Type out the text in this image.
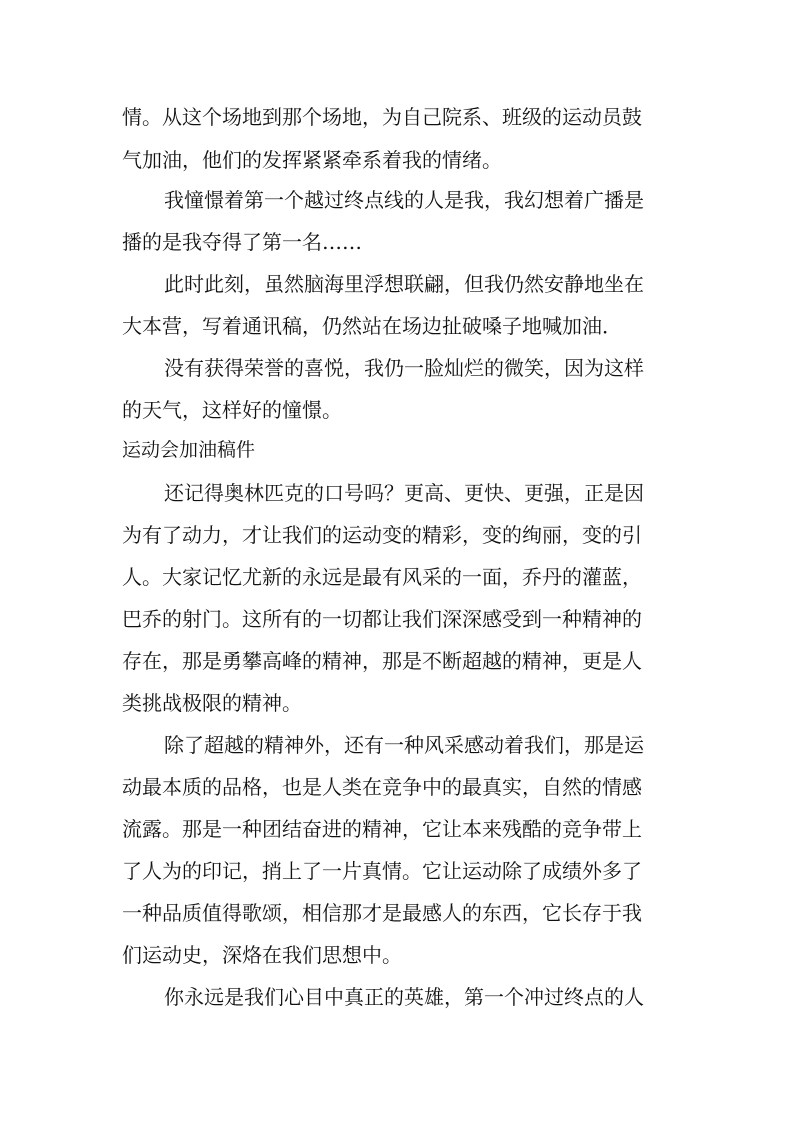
情。从这个场地到那个场地，为自己院系、班级的运动员鼓
气加油，他们的发挥紧紧牵系着我的情绪。
我憧憬着第一个越过终点线的人是我，我幻想着广播是
播的是我夺得了第一名……
此时此刻，虽然脑海里浮想联翩，但我仍然安静地坐在
大本营，写着通讯稿，仍然站在场边扯破嗓子地喊加油．
没有获得荣誉的喜悦，我仍一脸灿烂的微笑，因为这样
的天气，这样好的憧憬。
运动会加油稿件
还记得奥林匹克的口号吗？更高、更快、更强，正是因
为有了动力，才让我们的运动变的精彩，变的绚丽，变的引
人。大家记忆尤新的永远是最有风采的一面，乔丹的灌蓝，
巴乔的射门。这所有的一切都让我们深深感受到一种精神的
存在，那是勇攀高峰的精神，那是不断超越的精神，更是人
类挑战极限的精神。
除了超越的精神外，还有一种风采感动着我们，那是运
动最本质的品格，也是人类在竞争中的最真实，自然的情感
流露。那是一种团结奋进的精神，它让本来残酷的竞争带上
了人为的印记，捎上了一片真情。它让运动除了成绩外多了
一种品质值得歌颂，相信那才是最感人的东西，它长存于我
们运动史，深烙在我们思想中。
你永远是我们心目中真正的英雄，第一个冲过终点的人
